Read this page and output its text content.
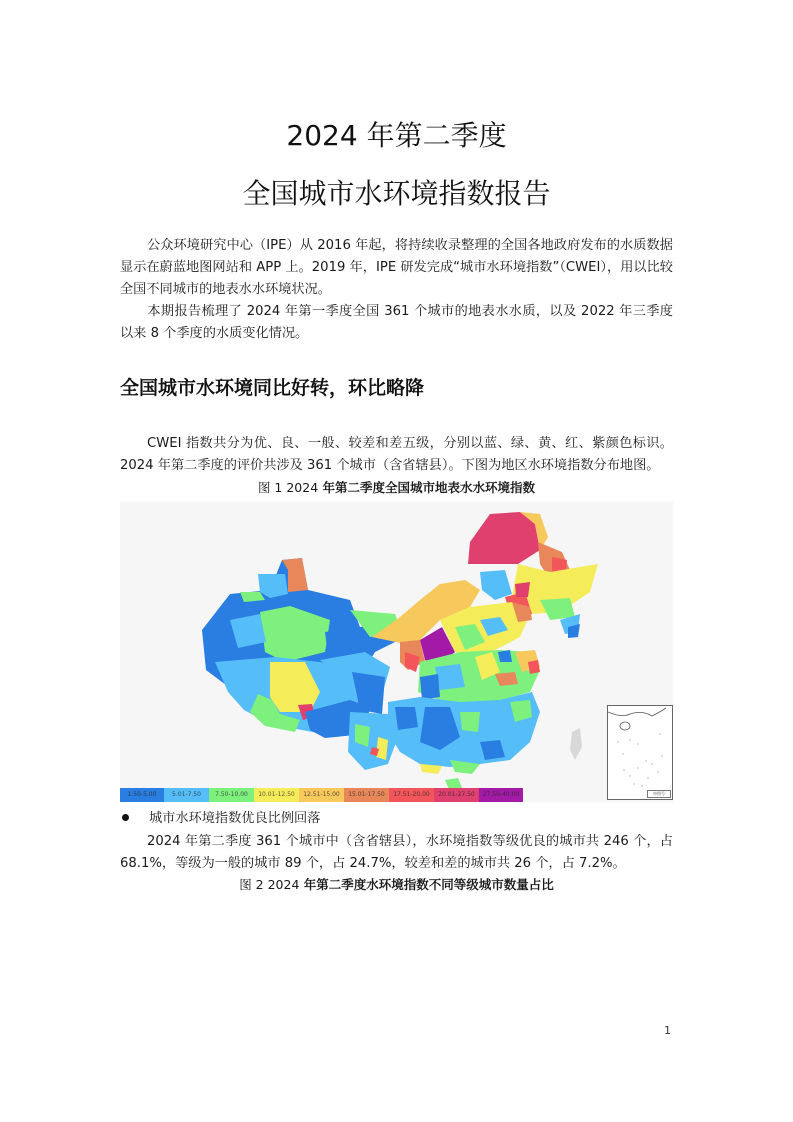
2024 年第二季度
全国城市水环境指数报告
公众环境研究中心（IPE）从 2016 年起，将持续收录整理的全国各地政府发布的水质数据显示在蔚蓝地图网站和 APP 上。2019 年，IPE 研发完成“城市水环境指数”（CWEI），用以比较全国不同城市的地表水水环境状况。
本期报告梳理了 2024 年第一季度全国 361 个城市的地表水水质，以及 2022 年三季度以来 8 个季度的水质变化情况。
全国城市水环境同比好转，环比略降
CWEI 指数共分为优、良、一般、较差和差五级，分别以蓝、绿、黄、红、紫颜色标识。2024 年第二季度的评价共涉及 361 个城市（含省辖县）。下图为地区水环境指数分布地图。
图 1 2024 年第二季度全国城市地表水水环境指数
审图号
1.50-5.00	5.01-7.50	7.50-10.00	10.01-12.50	12.51-15.00	15.01-17.50	17.51-20.00	20.01-27.50	27.50-40.00
城市水环境指数优良比例回落
2024 年第二季度 361 个城市中（含省辖县），水环境指数等级优良的城市共 246 个，占 68.1%，等级为一般的城市 89 个，占 24.7%，较差和差的城市共 26 个，占 7.2%。
图 2 2024 年第二季度水环境指数不同等级城市数量占比
1
